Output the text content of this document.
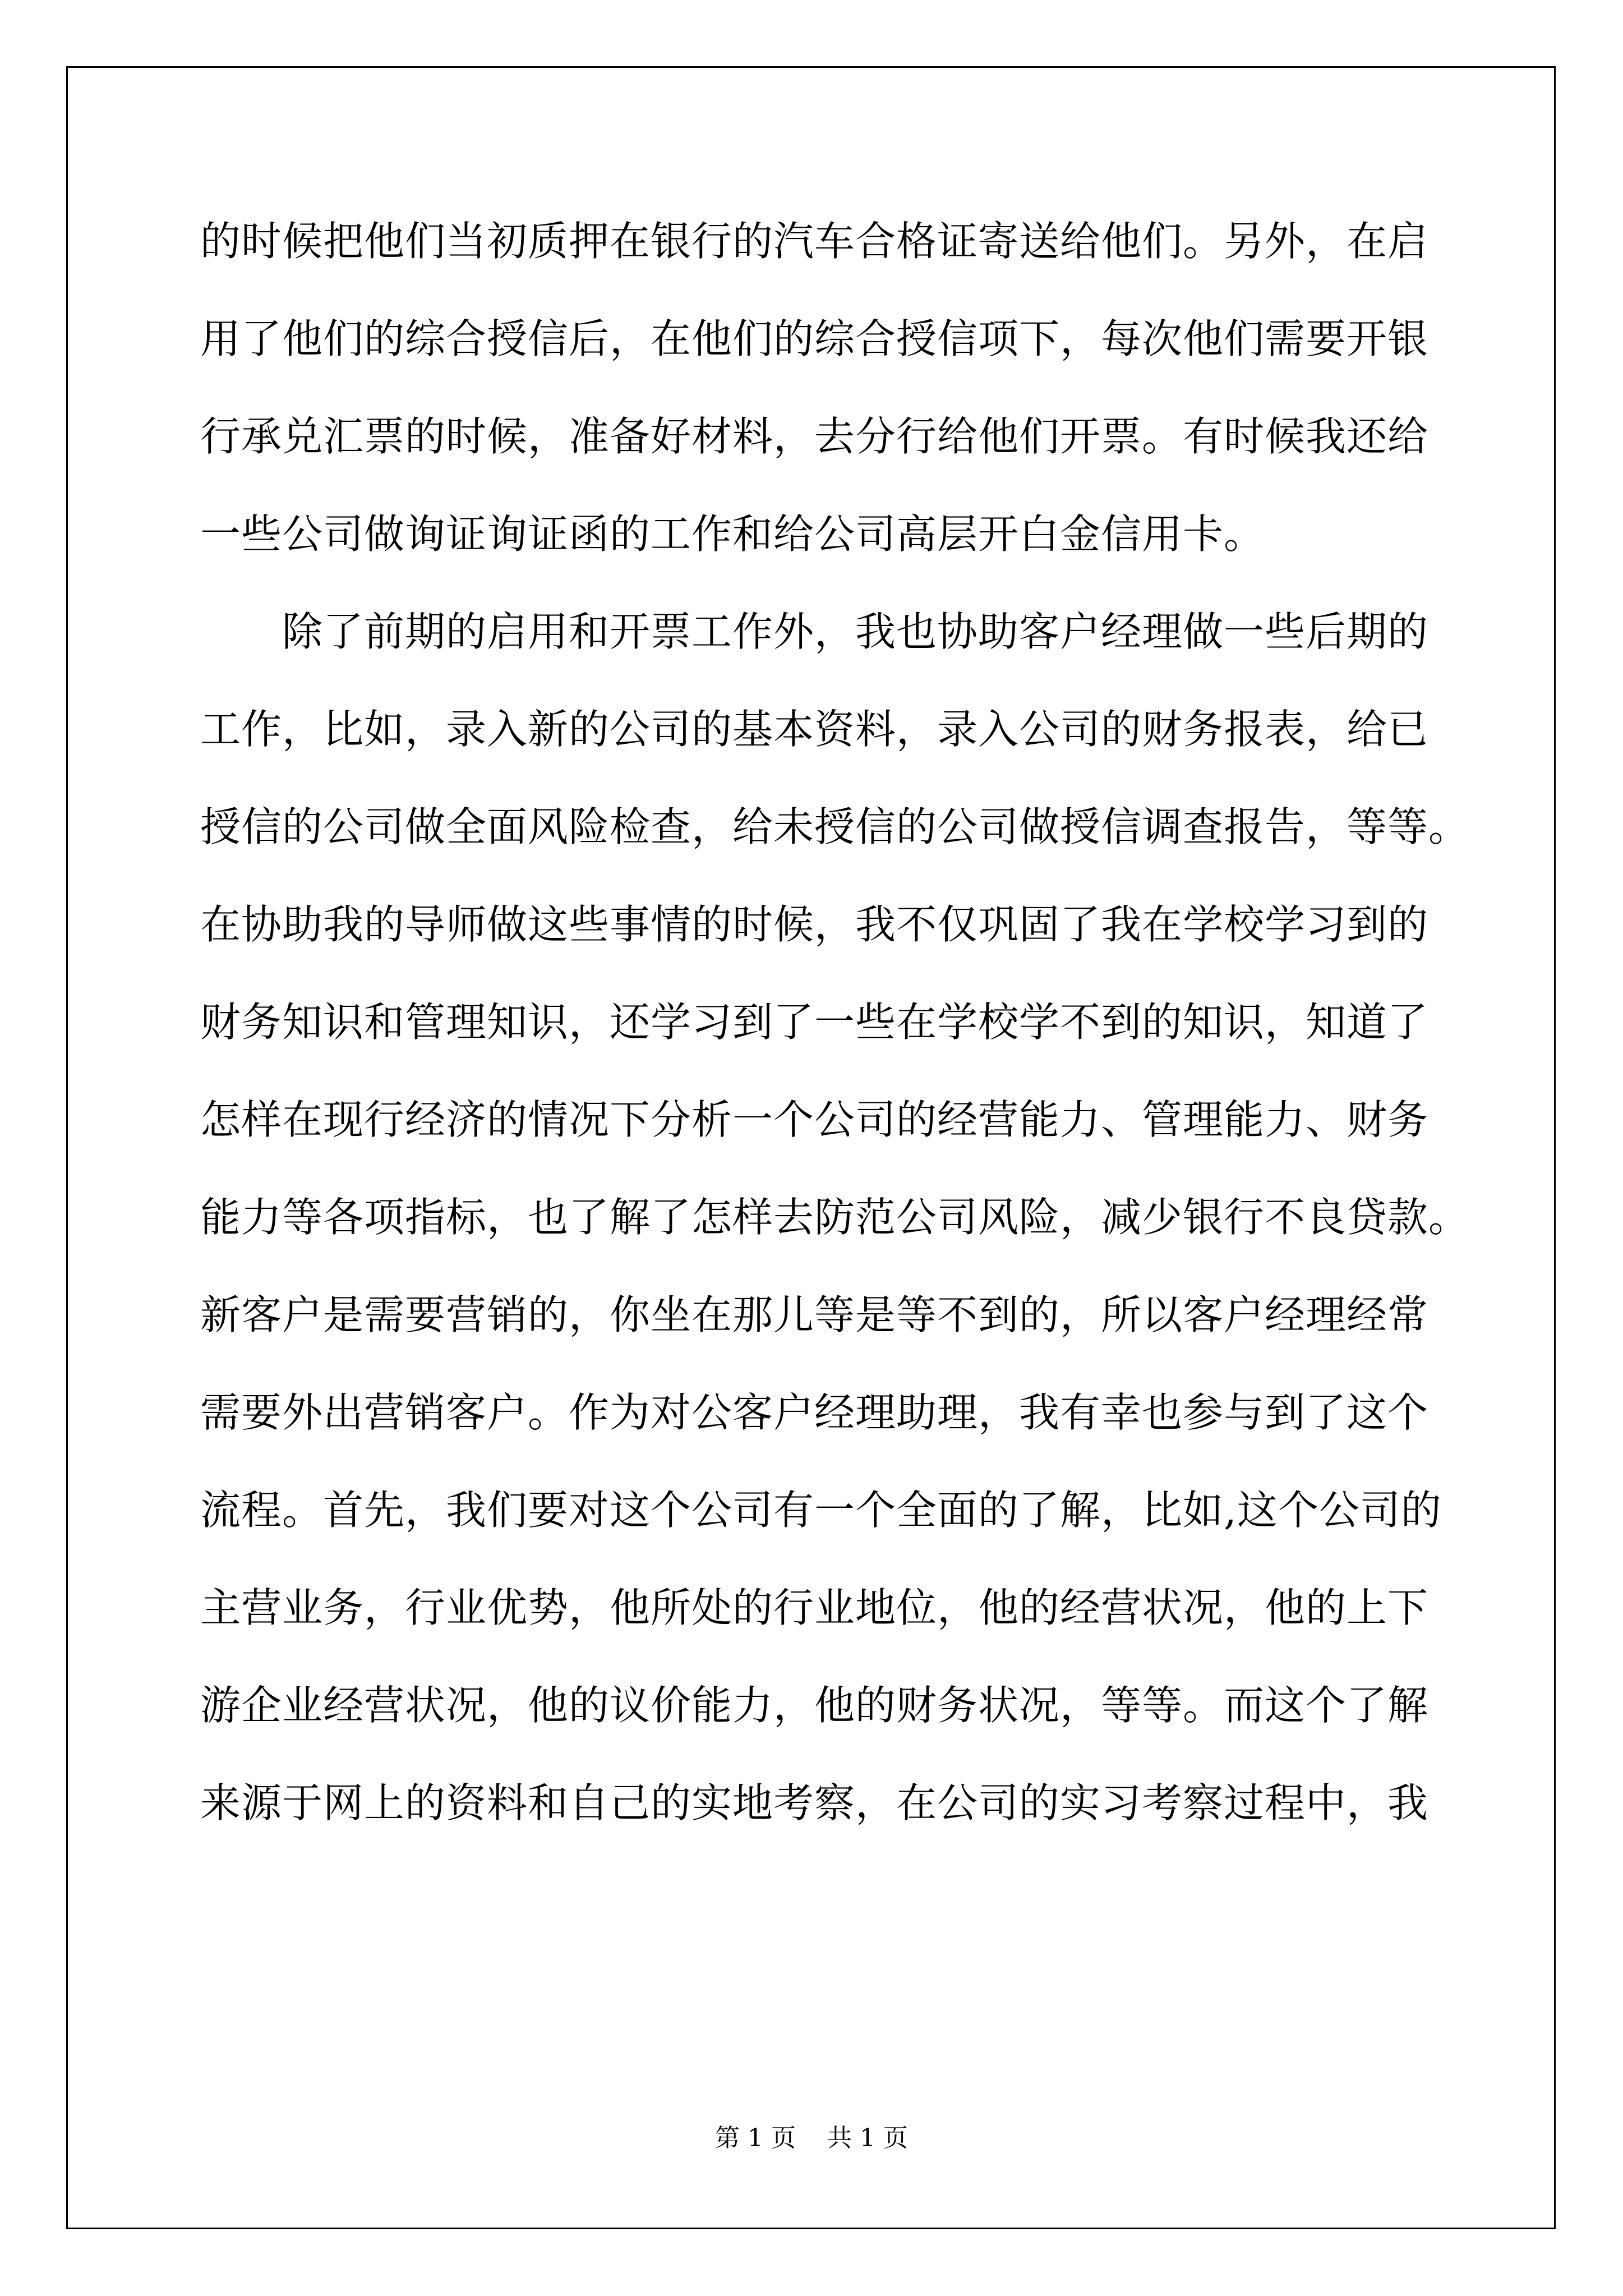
的时候把他们当初质押在银行的汽车合格证寄送给他们。另外，在启
用了他们的综合授信后，在他们的综合授信项下，每次他们需要开银
行承兑汇票的时候，准备好材料，去分行给他们开票。有时候我还给
一些公司做询证询证函的工作和给公司高层开白金信用卡。
除了前期的启用和开票工作外，我也协助客户经理做一些后期的
工作，比如，录入新的公司的基本资料，录入公司的财务报表，给已
授信的公司做全面风险检查，给未授信的公司做授信调查报告，等等。
在协助我的导师做这些事情的时候，我不仅巩固了我在学校学习到的
财务知识和管理知识，还学习到了一些在学校学不到的知识，知道了
怎样在现行经济的情况下分析一个公司的经营能力、管理能力、财务
能力等各项指标，也了解了怎样去防范公司风险，减少银行不良贷款。
新客户是需要营销的，你坐在那儿等是等不到的，所以客户经理经常
需要外出营销客户。作为对公客户经理助理，我有幸也参与到了这个
流程。首先，我们要对这个公司有一个全面的了解，比如,这个公司的
主营业务，行业优势，他所处的行业地位，他的经营状况，他的上下
游企业经营状况，他的议价能力，他的财务状况，等等。而这个了解
来源于网上的资料和自己的实地考察，在公司的实习考察过程中，我
第 1 页    共 1 页
